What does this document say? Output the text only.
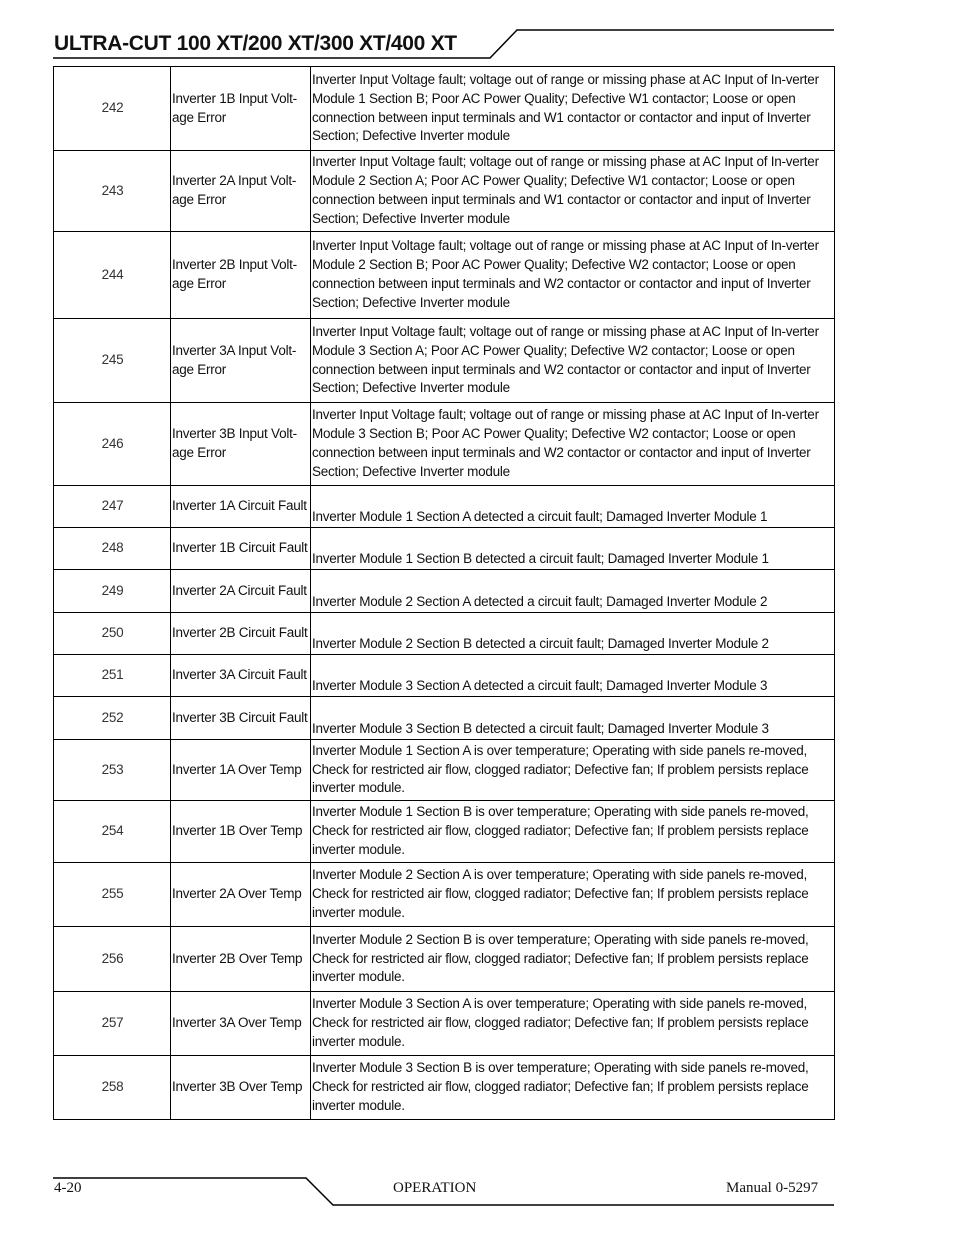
ULTRA-CUT 100 XT/200 XT/300 XT/400 XT
242	Inverter 1B Input Volt-age Error	Inverter Input Voltage fault; voltage out of range or missing phase at AC Input of In-verter Module 1 Section B; Poor AC Power Quality; Defective W1 contactor; Loose or open connection between input terminals and W1 contactor or contactor and input of Inverter Section; Defective Inverter module
243	Inverter 2A Input Volt-age Error	Inverter Input Voltage fault; voltage out of range or missing phase at AC Input of In-verter Module 2 Section A; Poor AC Power Quality; Defective W1 contactor; Loose or open connection between input terminals and W1 contactor or contactor and input of Inverter Section; Defective Inverter module
244	Inverter 2B Input Volt-age Error	Inverter Input Voltage fault; voltage out of range or missing phase at AC Input of In-verter Module 2 Section B; Poor AC Power Quality; Defective W2 contactor; Loose or open connection between input terminals and W2 contactor or contactor and input of Inverter Section; Defective Inverter module
245	Inverter 3A Input Volt-age Error	Inverter Input Voltage fault; voltage out of range or missing phase at AC Input of In-verter Module 3 Section A; Poor AC Power Quality; Defective W2 contactor; Loose or open connection between input terminals and W2 contactor or contactor and input of Inverter Section; Defective Inverter module
246	Inverter 3B Input Volt-age Error	Inverter Input Voltage fault; voltage out of range or missing phase at AC Input of In-verter Module 3 Section B; Poor AC Power Quality; Defective W2 contactor; Loose or open connection between input terminals and W2 contactor or contactor and input of Inverter Section; Defective Inverter module
247	Inverter 1A Circuit Fault	Inverter Module 1 Section A detected a circuit fault; Damaged Inverter Module 1
248	Inverter 1B Circuit Fault	Inverter Module 1 Section B detected a circuit fault; Damaged Inverter Module 1
249	Inverter 2A Circuit Fault	Inverter Module 2 Section A detected a circuit fault; Damaged Inverter Module 2
250	Inverter 2B Circuit Fault	Inverter Module 2 Section B detected a circuit fault; Damaged Inverter Module 2
251	Inverter 3A Circuit Fault	Inverter Module 3 Section A detected a circuit fault; Damaged Inverter Module 3
252	Inverter 3B Circuit Fault	Inverter Module 3 Section B detected a circuit fault; Damaged Inverter Module 3
253	Inverter 1A Over Temp	Inverter Module 1 Section A is over temperature; Operating with side panels re-moved, Check for restricted air flow, clogged radiator; Defective fan; If problem persists replace inverter module.
254	Inverter 1B Over Temp	Inverter Module 1 Section B is over temperature; Operating with side panels re-moved, Check for restricted air flow, clogged radiator; Defective fan; If problem persists replace inverter module.
255	Inverter 2A Over Temp	Inverter Module 2 Section A is over temperature; Operating with side panels re-moved, Check for restricted air flow, clogged radiator; Defective fan; If problem persists replace inverter module.
256	Inverter 2B Over Temp	Inverter Module 2 Section B is over temperature; Operating with side panels re-moved, Check for restricted air flow, clogged radiator; Defective fan; If problem persists replace inverter module.
257	Inverter 3A Over Temp	Inverter Module 3 Section A is over temperature; Operating with side panels re-moved, Check for restricted air flow, clogged radiator; Defective fan; If problem persists replace inverter module.
258	Inverter 3B Over Temp	Inverter Module 3 Section B is over temperature; Operating with side panels re-moved, Check for restricted air flow, clogged radiator; Defective fan; If problem persists replace inverter module.
4-20	OPERATION	Manual 0-5297
